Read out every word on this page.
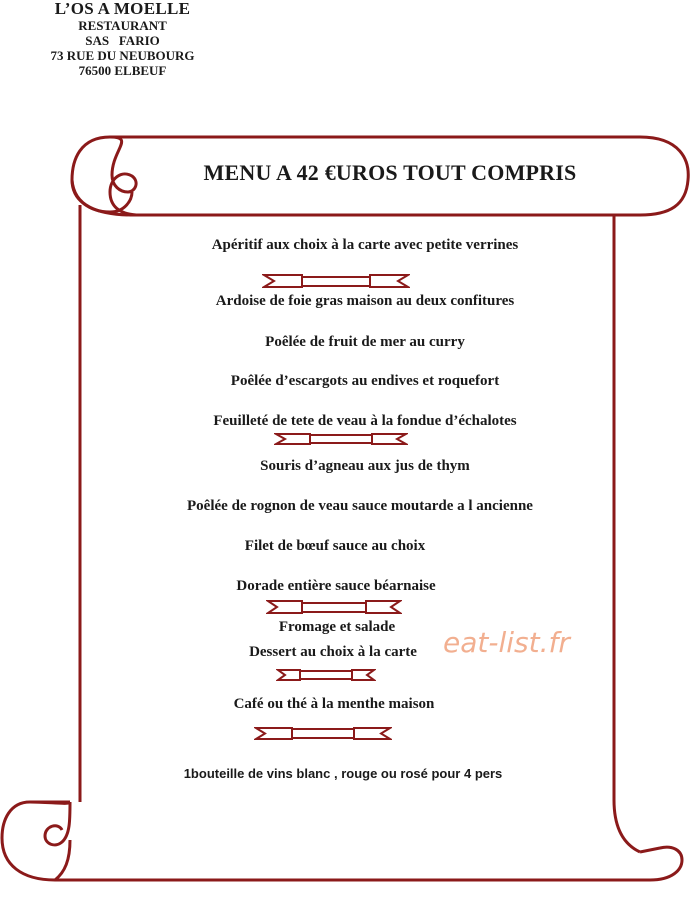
L’OS A MOELLE
RESTAURANT
SAS   FARIO
73 RUE DU NEUBOURG
76500 ELBEUF
MENU A 42 €UROS TOUT COMPRIS
Apéritif aux choix à la carte avec petite verrines
Ardoise de foie gras maison au deux confitures
Poêlée de fruit de mer au curry
Poêlée d’escargots au endives et roquefort
Feuilleté de tete de veau à la fondue d’échalotes
Souris d’agneau aux jus de thym
Poêlée de rognon de veau sauce moutarde a l ancienne
Filet de bœuf sauce au choix
Dorade entière sauce béarnaise
Fromage et salade
Dessert au choix à la carte
Café ou thé à la menthe maison
1bouteille de vins blanc , rouge ou rosé pour 4 pers
eat-list.fr
